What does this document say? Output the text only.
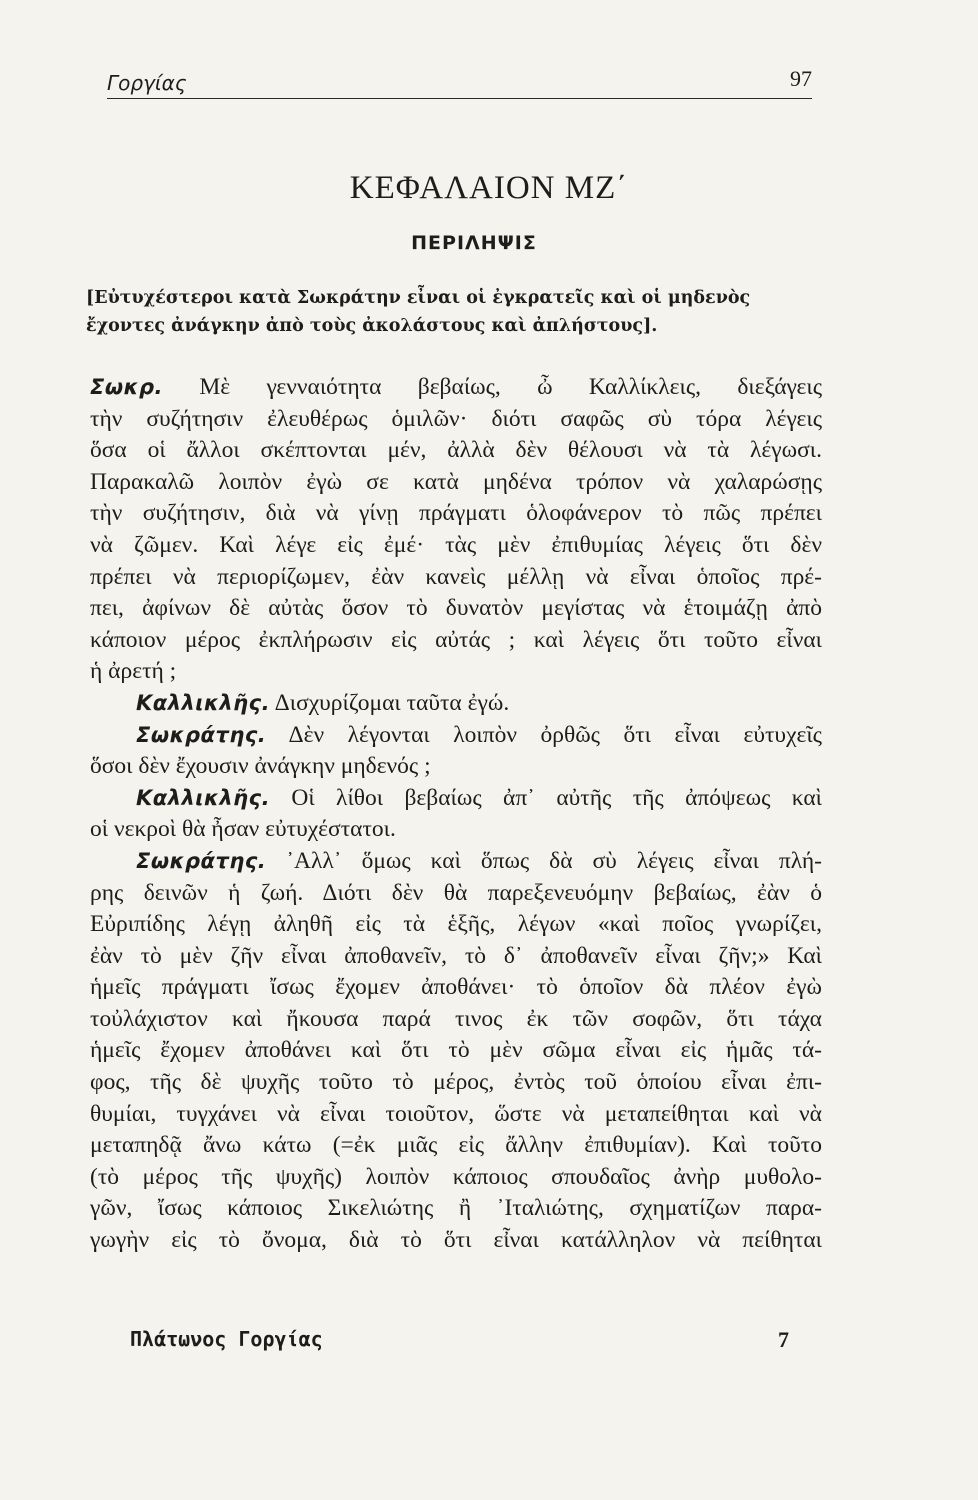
Γοργίας	97
ΚΕΦΑΛΑΙΟΝ ΜΖ΄
ΠΕΡΙΛΗΨΙΣ
[Εὐτυχέστεροι κατὰ Σωκράτην εἶναι οἱ ἐγκρατεῖς καὶ οἱ μηδενὸς ἔχοντες ἀνάγκην ἀπὸ τοὺς ἀκολάστους καὶ ἀπλήστους].
Σωκρ. Μὲ γενναιότητα βεβαίως, ὦ Καλλίκλεις, διεξάγεις
τὴν συζήτησιν ἐλευθέρως ὁμιλῶν· διότι σαφῶς σὺ τόρα λέγεις
ὅσα οἱ ἄλλοι σκέπτονται μέν, ἀλλὰ δὲν θέλουσι νὰ τὰ λέγωσι.
Παρακαλῶ λοιπὸν ἐγὼ σε κατὰ μηδένα τρόπον νὰ χαλαρώσῃς
τὴν συζήτησιν, διὰ νὰ γίνῃ πράγματι ὁλοφάνερον τὸ πῶς πρέπει
νὰ ζῶμεν. Καὶ λέγε εἰς ἐμέ· τὰς μὲν ἐπιθυμίας λέγεις ὅτι δὲν
πρέπει νὰ περιορίζωμεν, ἐὰν κανεὶς μέλλῃ νὰ εἶναι ὁποῖος πρέ-
πει, ἀφίνων δὲ αὐτὰς ὅσον τὸ δυνατὸν μεγίστας νὰ ἑτοιμάζῃ ἀπὸ
κάποιον μέρος ἐκπλήρωσιν εἰς αὐτάς ; καὶ λέγεις ὅτι τοῦτο εἶναι
ἡ ἀρετή ;
Καλλικλῆς. Δισχυρίζομαι ταῦτα ἐγώ.
Σωκράτης. Δὲν λέγονται λοιπὸν ὀρθῶς ὅτι εἶναι εὐτυχεῖς
ὅσοι δὲν ἔχουσιν ἀνάγκην μηδενός ;
Καλλικλῆς. Οἱ λίθοι βεβαίως ἀπ᾽ αὐτῆς τῆς ἀπόψεως καὶ
οἱ νεκροὶ θὰ ἦσαν εὐτυχέστατοι.
Σωκράτης. ᾽Αλλ᾽ ὅμως καὶ ὅπως δὰ σὺ λέγεις εἶναι πλή-
ρης δεινῶν ἡ ζωή. Διότι δὲν θὰ παρεξενευόμην βεβαίως, ἐὰν ὁ
Εὐριπίδης λέγῃ ἀληθῆ εἰς τὰ ἑξῆς, λέγων «καὶ ποῖος γνωρίζει,
ἐὰν τὸ μὲν ζῆν εἶναι ἀποθανεῖν, τὸ δ᾽ ἀποθανεῖν εἶναι ζῆν;» Καὶ
ἡμεῖς πράγματι ἴσως ἔχομεν ἀποθάνει· τὸ ὁποῖον δὰ πλέον ἐγὼ
τοὐλάχιστον καὶ ἤκουσα παρά τινος ἐκ τῶν σοφῶν, ὅτι τάχα
ἡμεῖς ἔχομεν ἀποθάνει καὶ ὅτι τὸ μὲν σῶμα εἶναι εἰς ἡμᾶς τά-
φος, τῆς δὲ ψυχῆς τοῦτο τὸ μέρος, ἐντὸς τοῦ ὁποίου εἶναι ἐπι-
θυμίαι, τυγχάνει νὰ εἶναι τοιοῦτον, ὥστε νὰ μεταπείθηται καὶ νὰ
μεταπηδᾷ ἄνω κάτω (=ἐκ μιᾶς εἰς ἄλλην ἐπιθυμίαν). Καὶ τοῦτο
(τὸ μέρος τῆς ψυχῆς) λοιπὸν κάποιος σπουδαῖος ἀνὴρ μυθολο-
γῶν, ἴσως κάποιος Σικελιώτης ἢ ᾽Ιταλιώτης, σχηματίζων παρα-
γωγὴν εἰς τὸ ὄνομα, διὰ τὸ ὅτι εἶναι κατάλληλον νὰ πείθηται
Πλάτωνος Γοργίας	7
